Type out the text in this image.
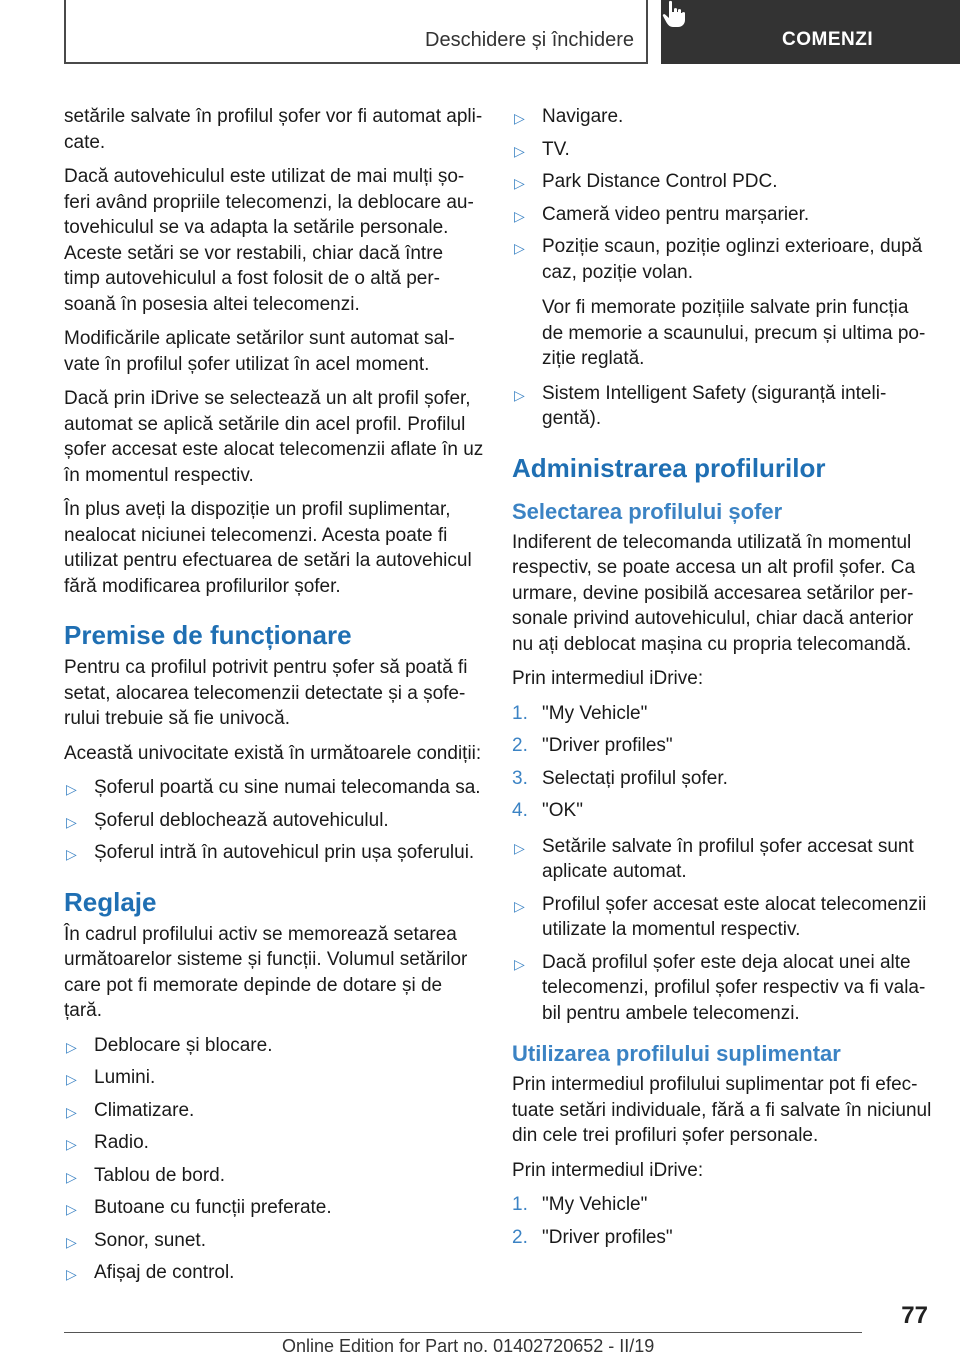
Deschidere și închidere	COMENZI

setările salvate în profilul șofer vor fi automat apli-cate.

Dacă autovehiculul este utilizat de mai mulți șo-feri având propriile telecomenzi, la deblocare au-tovehiculul se va adapta la setările personale. Aceste setări se vor restabili, chiar dacă între timp autovehiculul a fost folosit de o altă per-soană în posesia altei telecomenzi.

Modificările aplicate setărilor sunt automat sal-vate în profilul șofer utilizat în acel moment.

Dacă prin iDrive se selectează un alt profil șofer, automat se aplică setările din acel profil. Profilul șofer accesat este alocat telecomenzii aflate în uz în momentul respectiv.

În plus aveți la dispoziție un profil suplimentar, nealocat niciunei telecomenzi. Acesta poate fi utilizat pentru efectuarea de setări la autovehicul fără modificarea profilurilor șofer.

Premise de funcționare

Pentru ca profilul potrivit pentru șofer să poată fi setat, alocarea telecomenzii detectate și a șofe-rului trebuie să fie univocă.

Această univocitate există în următoarele condiții:

▷ Șoferul poartă cu sine numai telecomanda sa.
▷ Șoferul deblochează autovehiculul.
▷ Șoferul intră în autovehicul prin ușa șoferului.
Reglaje

În cadrul profilului activ se memorează setarea următoarelor sisteme și funcții. Volumul setărilor care pot fi memorate depinde de dotare și de țară.

▷ Deblocare și blocare.
▷ Lumini.
▷ Climatizare.
▷ Radio.
▷ Tablou de bord.
▷ Butoane cu funcții preferate.
▷ Sonor, sunet.
▷ Afișaj de control.
▷ Navigare.
▷ TV.
▷ Park Distance Control PDC.
▷ Cameră video pentru marșarier.
▷ Poziție scaun, poziție oglinzi exterioare, după caz, poziție volan.

Vor fi memorate pozițiile salvate prin funcția de memorie a scaunului, precum și ultima po-ziție reglată.

▷ Sistem Intelligent Safety (siguranță inteli-gentă).
Administrarea profilurilor
Selectarea profilului șofer

Indiferent de telecomanda utilizată în momentul respectiv, se poate accesa un alt profil șofer. Ca urmare, devine posibilă accesarea setărilor per-sonale privind autovehiculul, chiar dacă anterior nu ați deblocat mașina cu propria telecomandă.

Prin intermediul iDrive:

1. "My Vehicle"
2. "Driver profiles"
3. Selectați profilul șofer.
4. "OK"
▷ Setările salvate în profilul șofer accesat sunt aplicate automat.
▷ Profilul șofer accesat este alocat telecomenzii utilizate la momentul respectiv.
▷ Dacă profilul șofer este deja alocat unei alte telecomenzi, profilul șofer respectiv va fi vala-bil pentru ambele telecomenzi.
Utilizarea profilului suplimentar

Prin intermediul profilului suplimentar pot fi efec-tuate setări individuale, fără a fi salvate în niciunul din cele trei profiluri șofer personale.

Prin intermediul iDrive:

1. "My Vehicle"
2. "Driver profiles"
77
Online Edition for Part no. 01402720652 - II/19
